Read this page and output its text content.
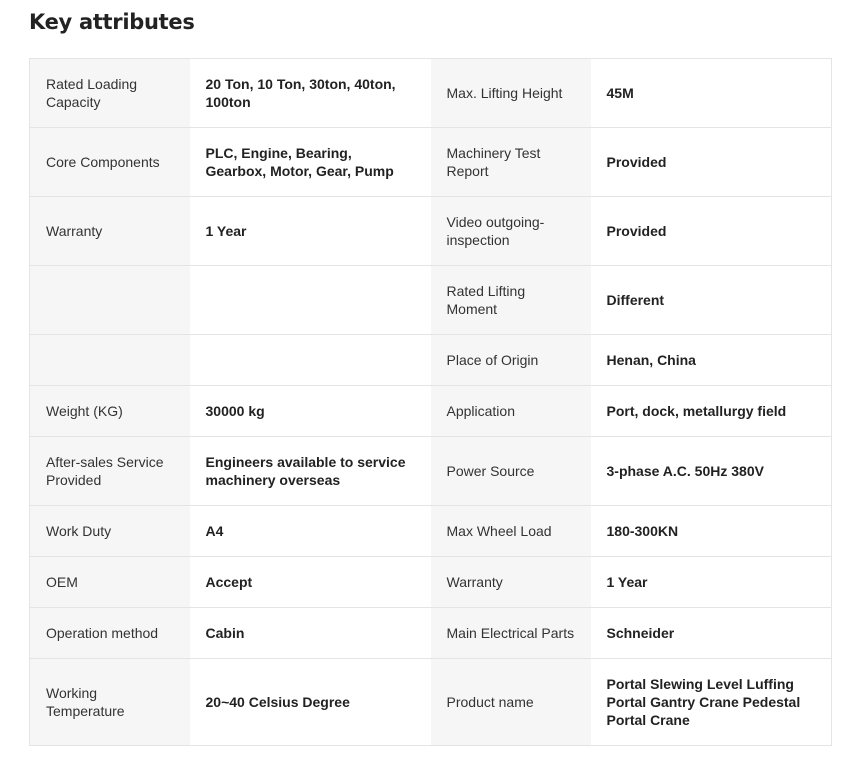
Key attributes
Rated Loading Capacity	20 Ton, 10 Ton, 30ton, 40ton, 100ton	Max. Lifting Height	45M
Core Components	PLC, Engine, Bearing, Gearbox, Motor, Gear, Pump	Machinery Test Report	Provided
Warranty	1 Year	Video outgoing-inspection	Provided
		Rated Lifting Moment	Different
		Place of Origin	Henan, China
Weight (KG)	30000 kg	Application	Port, dock, metallurgy field
After-sales Service Provided	Engineers available to service machinery overseas	Power Source	3-phase A.C. 50Hz 380V
Work Duty	A4	Max Wheel Load	180-300KN
OEM	Accept	Warranty	1 Year
Operation method	Cabin	Main Electrical Parts	Schneider
Working Temperature	20~40 Celsius Degree	Product name	Portal Slewing Level Luffing Portal Gantry Crane Pedestal Portal Crane
